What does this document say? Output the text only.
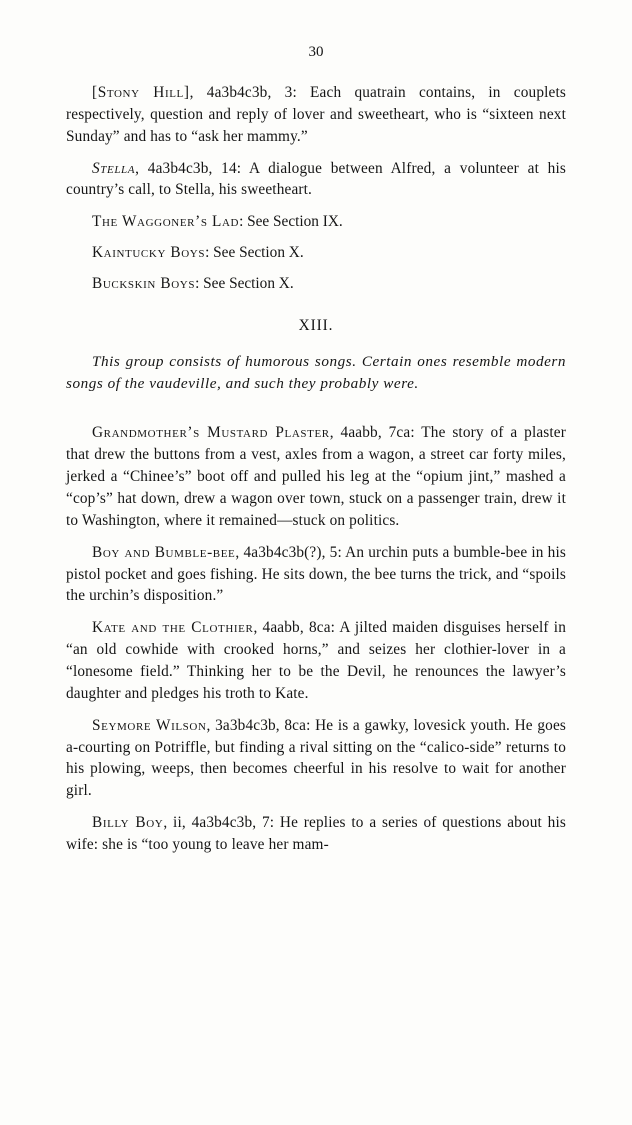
30

[Stony Hill], 4a3b4c3b, 3: Each quatrain contains, in couplets respectively, question and reply of lover and sweetheart, who is “sixteen next Sunday” and has to “ask her mammy.”

Stella, 4a3b4c3b, 14: A dialogue between Alfred, a volunteer at his country’s call, to Stella, his sweetheart.

The Waggoner’s Lad: See Section IX.

Kaintucky Boys: See Section X.

Buckskin Boys: See Section X.

XIII.

This group consists of humorous songs. Certain ones resemble modern songs of the vaudeville, and such they probably were.

Grandmother’s Mustard Plaster, 4aabb, 7ca: The story of a plaster that drew the buttons from a vest, axles from a wagon, a street car forty miles, jerked a “Chinee’s” boot off and pulled his leg at the “opium jint,” mashed a “cop’s” hat down, drew a wagon over town, stuck on a passenger train, drew it to Washington, where it remained—stuck on politics.

Boy and Bumble-bee, 4a3b4c3b(?), 5: An urchin puts a bumble-bee in his pistol pocket and goes fishing. He sits down, the bee turns the trick, and “spoils the urchin’s disposition.”

Kate and the Clothier, 4aabb, 8ca: A jilted maiden disguises herself in “an old cowhide with crooked horns,” and seizes her clothier-lover in a “lonesome field.” Thinking her to be the Devil, he renounces the lawyer’s daughter and pledges his troth to Kate.

Seymore Wilson, 3a3b4c3b, 8ca: He is a gawky, lovesick youth. He goes a-courting on Potriffle, but finding a rival sitting on the “calico-side” returns to his plowing, weeps, then becomes cheerful in his resolve to wait for another girl.

Billy Boy, ii, 4a3b4c3b, 7: He replies to a series of questions about his wife: she is “too young to leave her mam-
